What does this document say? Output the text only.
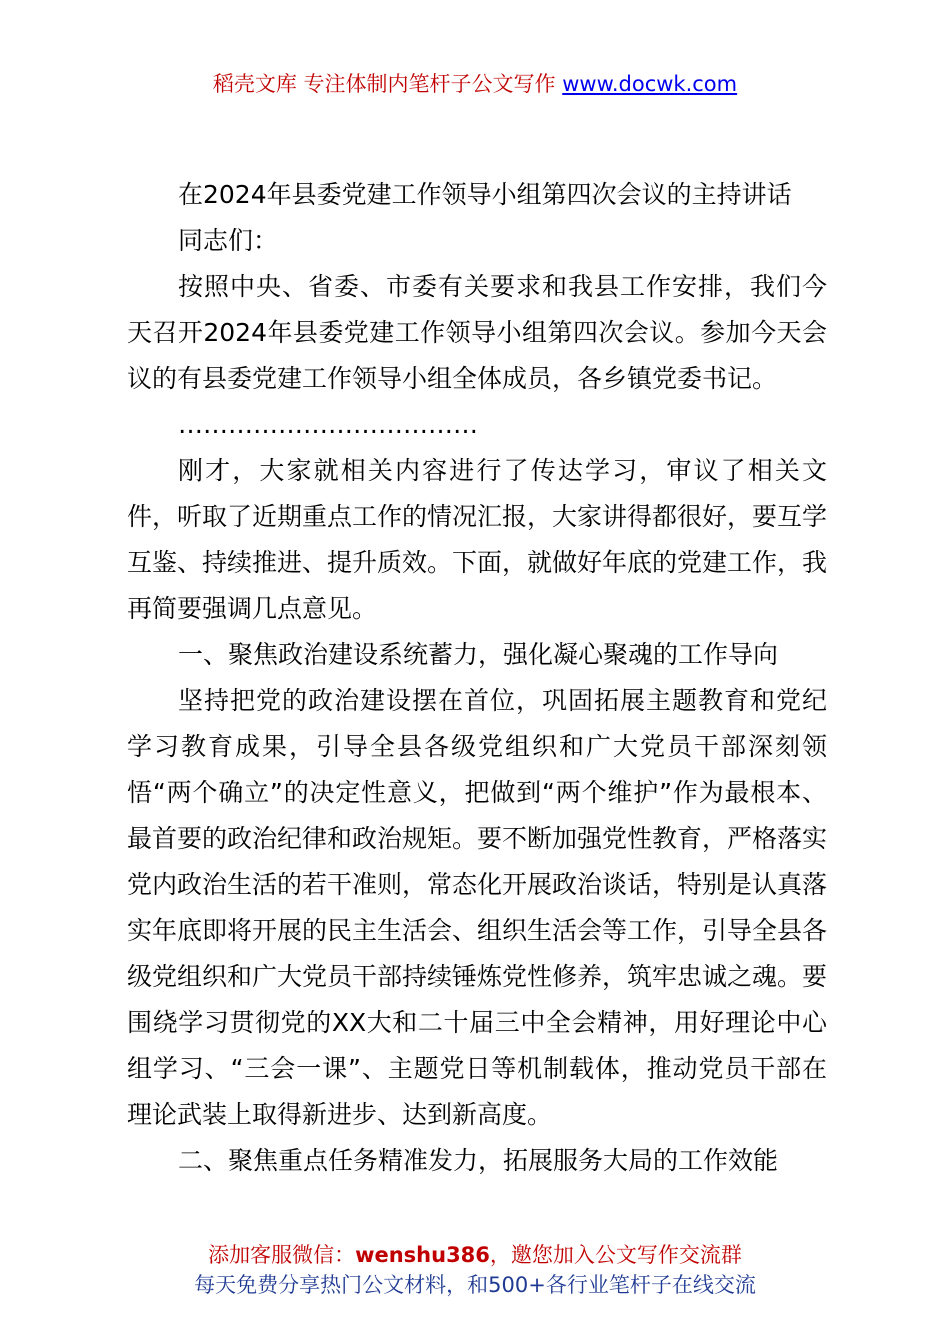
稻壳文库 专注体制内笔杆子公文写作 www.docwk.com

在2024年县委党建工作领导小组第四次会议的主持讲话

同志们：

按照中央、省委、市委有关要求和我县工作安排，我们今天召开2024年县委党建工作领导小组第四次会议。参加今天会议的有县委党建工作领导小组全体成员，各乡镇党委书记。

………………………………

刚才，大家就相关内容进行了传达学习，审议了相关文件，听取了近期重点工作的情况汇报，大家讲得都很好，要互学互鉴、持续推进、提升质效。下面，就做好年底的党建工作，我再简要强调几点意见。

一、聚焦政治建设系统蓄力，强化凝心聚魂的工作导向

坚持把党的政治建设摆在首位，巩固拓展主题教育和党纪学习教育成果，引导全县各级党组织和广大党员干部深刻领悟“两个确立”的决定性意义，把做到“两个维护”作为最根本、最首要的政治纪律和政治规矩。要不断加强党性教育，严格落实党内政治生活的若干准则，常态化开展政治谈话，特别是认真落实年底即将开展的民主生活会、组织生活会等工作，引导全县各级党组织和广大党员干部持续锤炼党性修养，筑牢忠诚之魂。要围绕学习贯彻党的XX大和二十届三中全会精神，用好理论中心组学习、“三会一课”、主题党日等机制载体，推动党员干部在理论武装上取得新进步、达到新高度。

二、聚焦重点任务精准发力，拓展服务大局的工作效能

添加客服微信：wenshu386，邀您加入公文写作交流群
每天免费分享热门公文材料，和500+各行业笔杆子在线交流
